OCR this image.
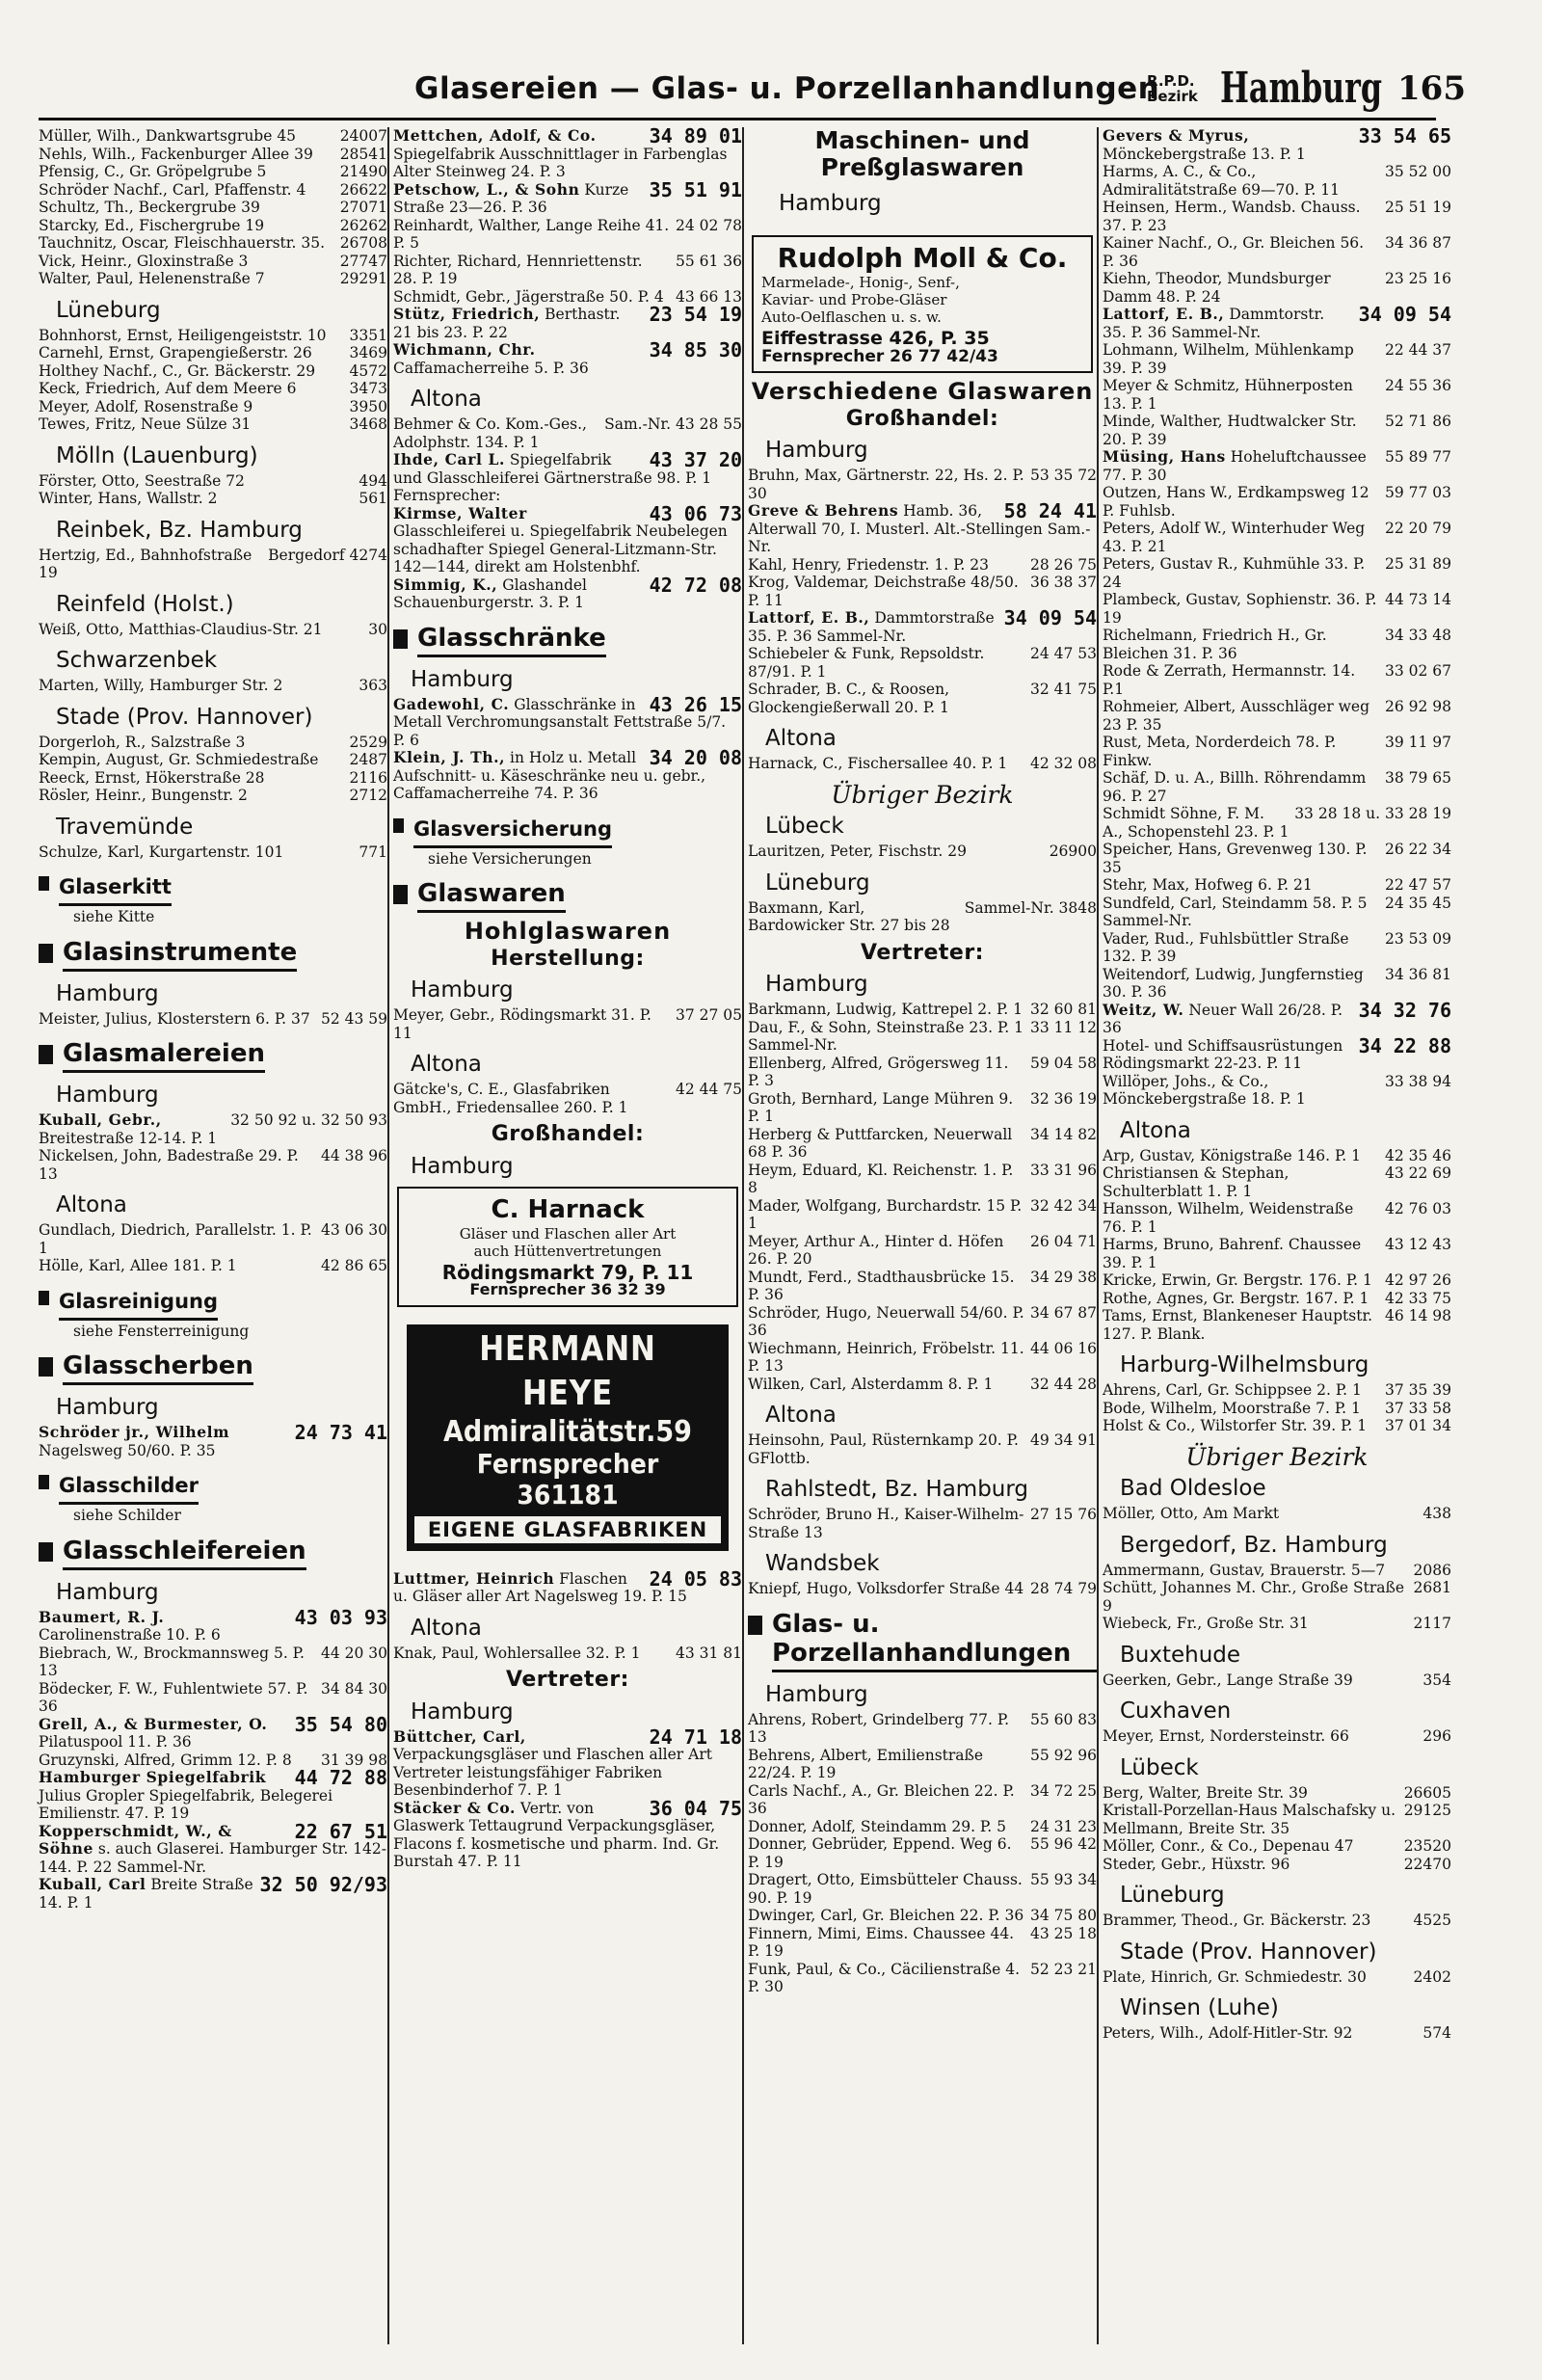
Glasereien — Glas- u. Porzellanhandlungen
R.P.D.
Bezirk Hamburg 165

24007
Müller, Wilh., Dankwartsgrube 45

28541
Nehls, Wilh., Fackenburger Allee 39

21490
Pfensig, C., Gr. Gröpelgrube 5

26622
Schröder Nachf., Carl, Pfaffenstr. 4

27071
Schultz, Th., Beckergrube 39

26262
Starcky, Ed., Fischergrube 19

26708
Tauchnitz, Oscar, Fleischhauerstr. 35.

27747
Vick, Heinr., Gloxinstraße 3

29291
Walter, Paul, Helenenstraße 7

Lüneburg

3351
Bohnhorst, Ernst, Heiligengeiststr. 10

3469
Carnehl, Ernst, Grapengießerstr. 26

4572
Holthey Nachf., C., Gr. Bäckerstr. 29

3473
Keck, Friedrich, Auf dem Meere 6

3950
Meyer, Adolf, Rosenstraße 9

3468
Tewes, Fritz, Neue Sülze 31

Mölln (Lauenburg)

494
Förster, Otto, Seestraße 72

561
Winter, Hans, Wallstr. 2

Reinbek, Bz. Hamburg

Bergedorf 4274
Hertzig, Ed., Bahnhofstraße 19

Reinfeld (Holst.)

30
Weiß, Otto, Matthias-Claudius-Str. 21

Schwarzenbek

363
Marten, Willy, Hamburger Str. 2

Stade (Prov. Hannover)

2529
Dorgerloh, R., Salzstraße 3

2487
Kempin, August, Gr. Schmiedestraße

2116
Reeck, Ernst, Hökerstraße 28

2712
Rösler, Heinr., Bungenstr. 2

Travemünde

771
Schulze, Karl, Kurgartenstr. 101

Glaserkitt
siehe Kitte
Glasinstrumente
Hamburg

52 43 59
Meister, Julius, Klosterstern 6. P. 37

Glasmalereien
Hamburg

32 50 92 u. 32 50 93
Kuball, Gebr., Breitestraße 12-14. P. 1

44 38 96
Nickelsen, John, Badestraße 29. P. 13

Altona

43 06 30
Gundlach, Diedrich, Parallelstr. 1. P. 1

42 86 65
Hölle, Karl, Allee 181. P. 1

Glasreinigung
siehe Fensterreinigung
Glasscherben
Hamburg

24 73 41
Schröder jr., Wilhelm Nagelsweg 50/60. P. 35

Glasschilder
siehe Schilder
Glasschleifereien
Hamburg

43 03 93
Baumert, R. J. Carolinenstraße 10. P. 6

44 20 30
Biebrach, W., Brockmannsweg 5. P. 13

34 84 30
Bödecker, F. W., Fuhlentwiete 57. P. 36

35 54 80
Grell, A., & Burmester, O. Pilatuspool 11. P. 36

31 39 98
Gruzynski, Alfred, Grimm 12. P. 8

44 72 88
Hamburger Spiegelfabrik Julius Gropler Spiegelfabrik, Belegerei Emilienstr. 47. P. 19

22 67 51
Kopperschmidt, W., & Söhne s. auch Glaserei. Hamburger Str. 142-144. P. 22 Sammel-Nr.

32 50 92/93
Kuball, Carl Breite Straße 14. P. 1

34 89 01
Mettchen, Adolf, & Co. Spiegelfabrik Ausschnittlager in Farbenglas Alter Steinweg 24. P. 3

35 51 91
Petschow, L., & Sohn Kurze Straße 23—26. P. 36

24 02 78
Reinhardt, Walther, Lange Reihe 41. P. 5

55 61 36
Richter, Richard, Hennriettenstr. 28. P. 19

43 66 13
Schmidt, Gebr., Jägerstraße 50. P. 4

23 54 19
Stütz, Friedrich, Berthastr. 21 bis 23. P. 22

34 85 30
Wichmann, Chr. Caffamacherreihe 5. P. 36

Altona

Sam.-Nr. 43 28 55
Behmer & Co. Kom.-Ges., Adolphstr. 134. P. 1

43 37 20
Ihde, Carl L. Spiegelfabrik und Glasschleiferei Gärtnerstraße 98. P. 1 Fernsprecher:

43 06 73
Kirmse, Walter Glasschleiferei u. Spiegelfabrik Neubelegen schadhafter Spiegel General-Litzmann-Str. 142—144, direkt am Holstenbhf.

42 72 08
Simmig, K., Glashandel Schauenburgerstr. 3. P. 1

Glasschränke
Hamburg

43 26 15
Gadewohl, C. Glasschränke in Metall Verchromungsanstalt Fettstraße 5/7. P. 6

34 20 08
Klein, J. Th., in Holz u. Metall Aufschnitt- u. Käseschränke neu u. gebr., Caffamacherreihe 74. P. 36

Glasversicherung
siehe Versicherungen
Glaswaren
Hohlglaswaren
Herstellung:
Hamburg

37 27 05
Meyer, Gebr., Rödingsmarkt 31. P. 11

Altona

42 44 75
Gätcke's, C. E., Glasfabriken GmbH., Friedensallee 260. P. 1

Großhandel:
Hamburg
C. Harnack
Gläser und Flaschen aller Art
auch Hüttenvertretungen
Rödingsmarkt 79, P. 11
Fernsprecher 36 32 39
HERMANN HEYE
Admiralitätstr.59
Fernsprecher 361181
EIGENE GLASFABRIKEN

24 05 83
Luttmer, Heinrich Flaschen u. Gläser aller Art Nagelsweg 19. P. 15

Altona

43 31 81
Knak, Paul, Wohlersallee 32. P. 1

Vertreter:
Hamburg

24 71 18
Büttcher, Carl, Verpackungsgläser und Flaschen aller Art Vertreter leistungsfähiger Fabriken Besenbinderhof 7. P. 1

36 04 75
Stäcker & Co. Vertr. von Glaswerk Tettaugrund Verpackungsgläser, Flacons f. kosmetische und pharm. Ind. Gr. Burstah 47. P. 11

Maschinen- und Preßglaswaren
Hamburg
Rudolph Moll & Co.
Marmelade-, Honig-, Senf-,
Kaviar- und Probe-Gläser
Auto-Oelflaschen u. s. w.
Eiffestrasse 426, P. 35
Fernsprecher 26 77 42/43
Verschiedene Glaswaren
Großhandel:
Hamburg

53 35 72
Bruhn, Max, Gärtnerstr. 22, Hs. 2. P. 30

58 24 41
Greve & Behrens Hamb. 36, Alterwall 70, I. Musterl. Alt.-Stellingen Sam.-Nr.

28 26 75
Kahl, Henry, Friedenstr. 1. P. 23

36 38 37
Krog, Valdemar, Deichstraße 48/50. P. 11

34 09 54
Lattorf, E. B., Dammtorstraße 35. P. 36 Sammel-Nr.

24 47 53
Schiebeler & Funk, Repsoldstr. 87/91. P. 1

32 41 75
Schrader, B. C., & Roosen, Glockengießerwall 20. P. 1

Altona

42 32 08
Harnack, C., Fischersallee 40. P. 1

Übriger Bezirk
Lübeck

26900
Lauritzen, Peter, Fischstr. 29

Lüneburg

Sammel-Nr. 3848
Baxmann, Karl, Bardowicker Str. 27 bis 28

Vertreter:
Hamburg

32 60 81
Barkmann, Ludwig, Kattrepel 2. P. 1

33 11 12
Dau, F., & Sohn, Steinstraße 23. P. 1 Sammel-Nr.

59 04 58
Ellenberg, Alfred, Grögersweg 11. P. 3

32 36 19
Groth, Bernhard, Lange Mühren 9. P. 1

34 14 82
Herberg & Puttfarcken, Neuerwall 68 P. 36

33 31 96
Heym, Eduard, Kl. Reichenstr. 1. P. 8

32 42 34
Mader, Wolfgang, Burchardstr. 15 P. 1

26 04 71
Meyer, Arthur A., Hinter d. Höfen 26. P. 20

34 29 38
Mundt, Ferd., Stadthausbrücke 15. P. 36

34 67 87
Schröder, Hugo, Neuerwall 54/60. P. 36

44 06 16
Wiechmann, Heinrich, Fröbelstr. 11. P. 13

32 44 28
Wilken, Carl, Alsterdamm 8. P. 1

Altona

49 34 91
Heinsohn, Paul, Rüsternkamp 20. P. GFlottb.

Rahlstedt, Bz. Hamburg

27 15 76
Schröder, Bruno H., Kaiser-Wilhelm-Straße 13

Wandsbek

28 74 79
Kniepf, Hugo, Volksdorfer Straße 44

Glas- u. Porzellanhandlungen
Hamburg

55 60 83
Ahrens, Robert, Grindelberg 77. P. 13

55 92 96
Behrens, Albert, Emilienstraße 22/24. P. 19

34 72 25
Carls Nachf., A., Gr. Bleichen 22. P. 36

24 31 23
Donner, Adolf, Steindamm 29. P. 5

55 96 42
Donner, Gebrüder, Eppend. Weg 6. P. 19

55 93 34
Dragert, Otto, Eimsbütteler Chauss. 90. P. 19

34 75 80
Dwinger, Carl, Gr. Bleichen 22. P. 36

43 25 18
Finnern, Mimi, Eims. Chaussee 44. P. 19

52 23 21
Funk, Paul, & Co., Cäcilienstraße 4. P. 30

33 54 65
Gevers & Myrus, Mönckebergstraße 13. P. 1

35 52 00
Harms, A. C., & Co., Admiralitätstraße 69—70. P. 11

25 51 19
Heinsen, Herm., Wandsb. Chauss. 37. P. 23

34 36 87
Kainer Nachf., O., Gr. Bleichen 56. P. 36

23 25 16
Kiehn, Theodor, Mundsburger Damm 48. P. 24

34 09 54
Lattorf, E. B., Dammtorstr. 35. P. 36 Sammel-Nr.

22 44 37
Lohmann, Wilhelm, Mühlenkamp 39. P. 39

24 55 36
Meyer & Schmitz, Hühnerposten 13. P. 1

52 71 86
Minde, Walther, Hudtwalcker Str. 20. P. 39

55 89 77
Müsing, Hans Hoheluftchaussee 77. P. 30

59 77 03
Outzen, Hans W., Erdkampsweg 12 P. Fuhlsb.

22 20 79
Peters, Adolf W., Winterhuder Weg 43. P. 21

25 31 89
Peters, Gustav R., Kuhmühle 33. P. 24

44 73 14
Plambeck, Gustav, Sophienstr. 36. P. 19

34 33 48
Richelmann, Friedrich H., Gr. Bleichen 31. P. 36

33 02 67
Rode & Zerrath, Hermannstr. 14. P.1

26 92 98
Rohmeier, Albert, Ausschläger weg 23 P. 35

39 11 97
Rust, Meta, Norderdeich 78. P. Finkw.

38 79 65
Schäf, D. u. A., Billh. Röhrendamm 96. P. 27

33 28 18 u. 33 28 19
Schmidt Söhne, F. M. A., Schopenstehl 23. P. 1

26 22 34
Speicher, Hans, Grevenweg 130. P. 35

22 47 57
Stehr, Max, Hofweg 6. P. 21

24 35 45
Sundfeld, Carl, Steindamm 58. P. 5 Sammel-Nr.

23 53 09
Vader, Rud., Fuhlsbüttler Straße 132. P. 39

34 36 81
Weitendorf, Ludwig, Jungfernstieg 30. P. 36

34 32 76
Weitz, W. Neuer Wall 26/28. P. 36

34 22 88
Hotel- und Schiffsausrüstungen Rödingsmarkt 22-23. P. 11

33 38 94
Willöper, Johs., & Co., Mönckebergstraße 18. P. 1

Altona

42 35 46
Arp, Gustav, Königstraße 146. P. 1

43 22 69
Christiansen & Stephan, Schulterblatt 1. P. 1

42 76 03
Hansson, Wilhelm, Weidenstraße 76. P. 1

43 12 43
Harms, Bruno, Bahrenf. Chaussee 39. P. 1

42 97 26
Kricke, Erwin, Gr. Bergstr. 176. P. 1

42 33 75
Rothe, Agnes, Gr. Bergstr. 167. P. 1

46 14 98
Tams, Ernst, Blankeneser Hauptstr. 127. P. Blank.

Harburg-Wilhelmsburg

37 35 39
Ahrens, Carl, Gr. Schippsee 2. P. 1

37 33 58
Bode, Wilhelm, Moorstraße 7. P. 1

37 01 34
Holst & Co., Wilstorfer Str. 39. P. 1

Übriger Bezirk
Bad Oldesloe

438
Möller, Otto, Am Markt

Bergedorf, Bz. Hamburg

2086
Ammermann, Gustav, Brauerstr. 5—7

2681
Schütt, Johannes M. Chr., Große Straße 9

2117
Wiebeck, Fr., Große Str. 31

Buxtehude

354
Geerken, Gebr., Lange Straße 39

Cuxhaven

296
Meyer, Ernst, Nordersteinstr. 66

Lübeck

26605
Berg, Walter, Breite Str. 39

29125
Kristall-Porzellan-Haus Malschafsky u. Mellmann, Breite Str. 35

23520
Möller, Conr., & Co., Depenau 47

22470
Steder, Gebr., Hüxstr. 96

Lüneburg

4525
Brammer, Theod., Gr. Bäckerstr. 23

Stade (Prov. Hannover)

2402
Plate, Hinrich, Gr. Schmiedestr. 30

Winsen (Luhe)

574
Peters, Wilh., Adolf-Hitler-Str. 92
